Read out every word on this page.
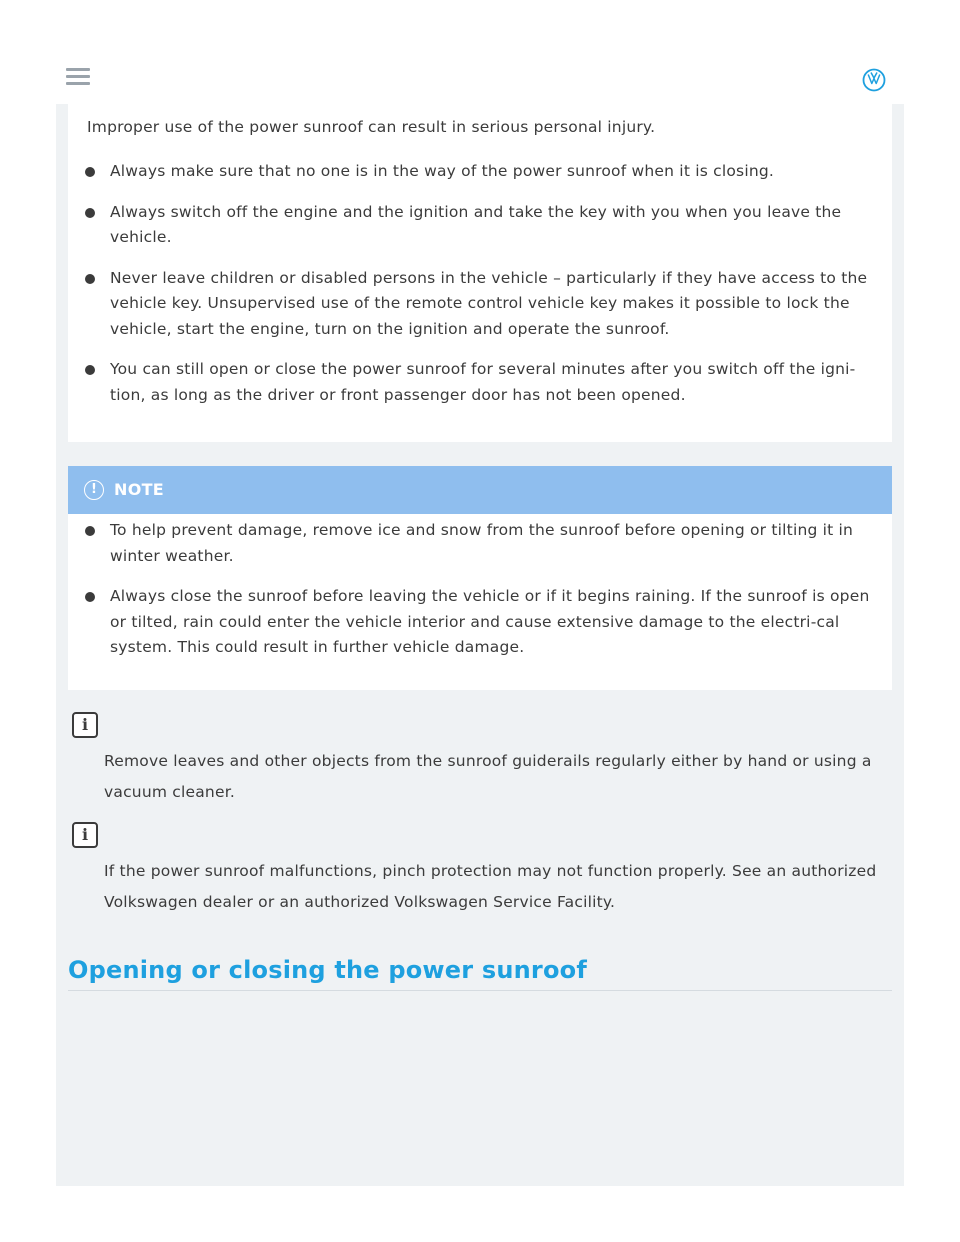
Improper use of the power sunroof can result in serious personal injury.
Always make sure that no one is in the way of the power sunroof when it is closing.
Always switch off the engine and the ignition and take the key with you when you leave the vehicle.
Never leave children or disabled persons in the vehicle – particularly if they have access to the vehicle key. Unsupervised use of the remote control vehicle key makes it possible to lock the vehicle, start the engine, turn on the ignition and operate the sunroof.
You can still open or close the power sunroof for several minutes after you switch off the igni-tion, as long as the driver or front passenger door has not been opened.
!	NOTE
To help prevent damage, remove ice and snow from the sunroof before opening or tilting it in winter weather.
Always close the sunroof before leaving the vehicle or if it begins raining. If the sunroof is open or tilted, rain could enter the vehicle interior and cause extensive damage to the electri-cal system. This could result in further vehicle damage.
i
Remove leaves and other objects from the sunroof guiderails regularly either by hand or using a vacuum cleaner.
i
If the power sunroof malfunctions, pinch protection may not function properly. See an authorized Volkswagen dealer or an authorized Volkswagen Service Facility.
Opening or closing the power sunroof
